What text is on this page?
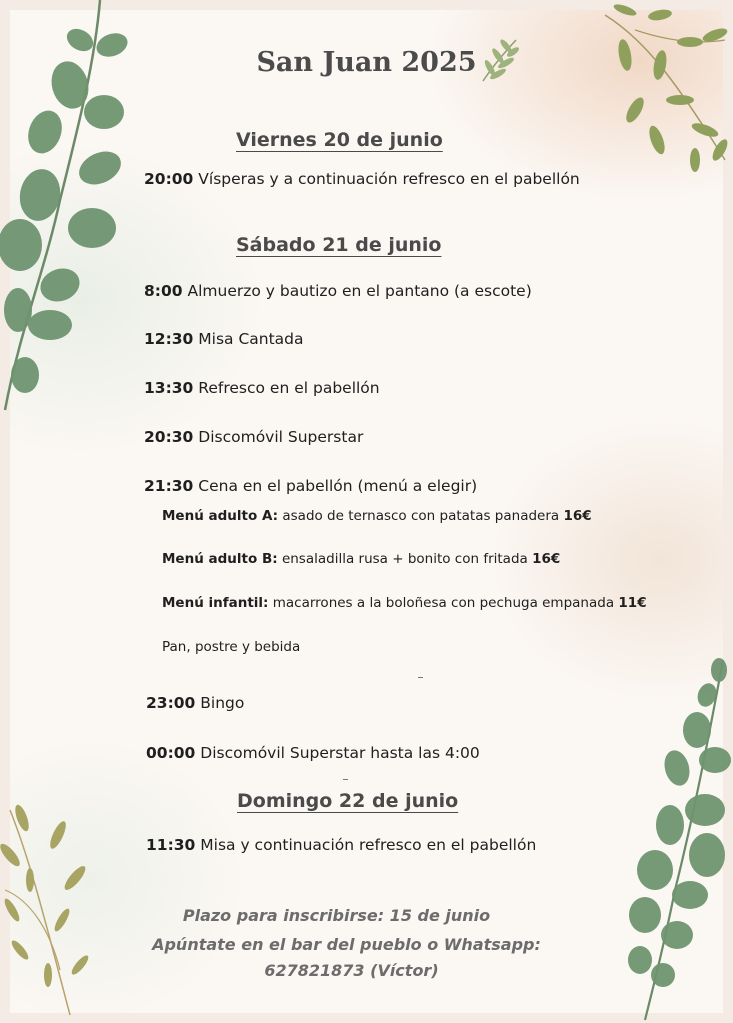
San Juan 2025
Viernes 20 de junio
20:00 Vísperas y a continuación refresco en el pabellón
Sábado 21 de junio
8:00 Almuerzo y bautizo en el pantano (a escote)
12:30 Misa Cantada
13:30 Refresco en el pabellón
20:30 Discomóvil Superstar
21:30 Cena en el pabellón (menú a elegir)
Menú adulto A: asado de ternasco con patatas panadera 16€
Menú adulto B: ensaladilla rusa + bonito con fritada 16€
Menú infantil: macarrones a la boloñesa con pechuga empanada 11€
Pan, postre y bebida
23:00 Bingo
00:00 Discomóvil Superstar hasta las 4:00
Domingo 22 de junio
11:30 Misa y continuación refresco en el pabellón
Plazo para inscribirse: 15 de junio
Apúntate en el bar del pueblo o Whatsapp:
627821873 (Víctor)
